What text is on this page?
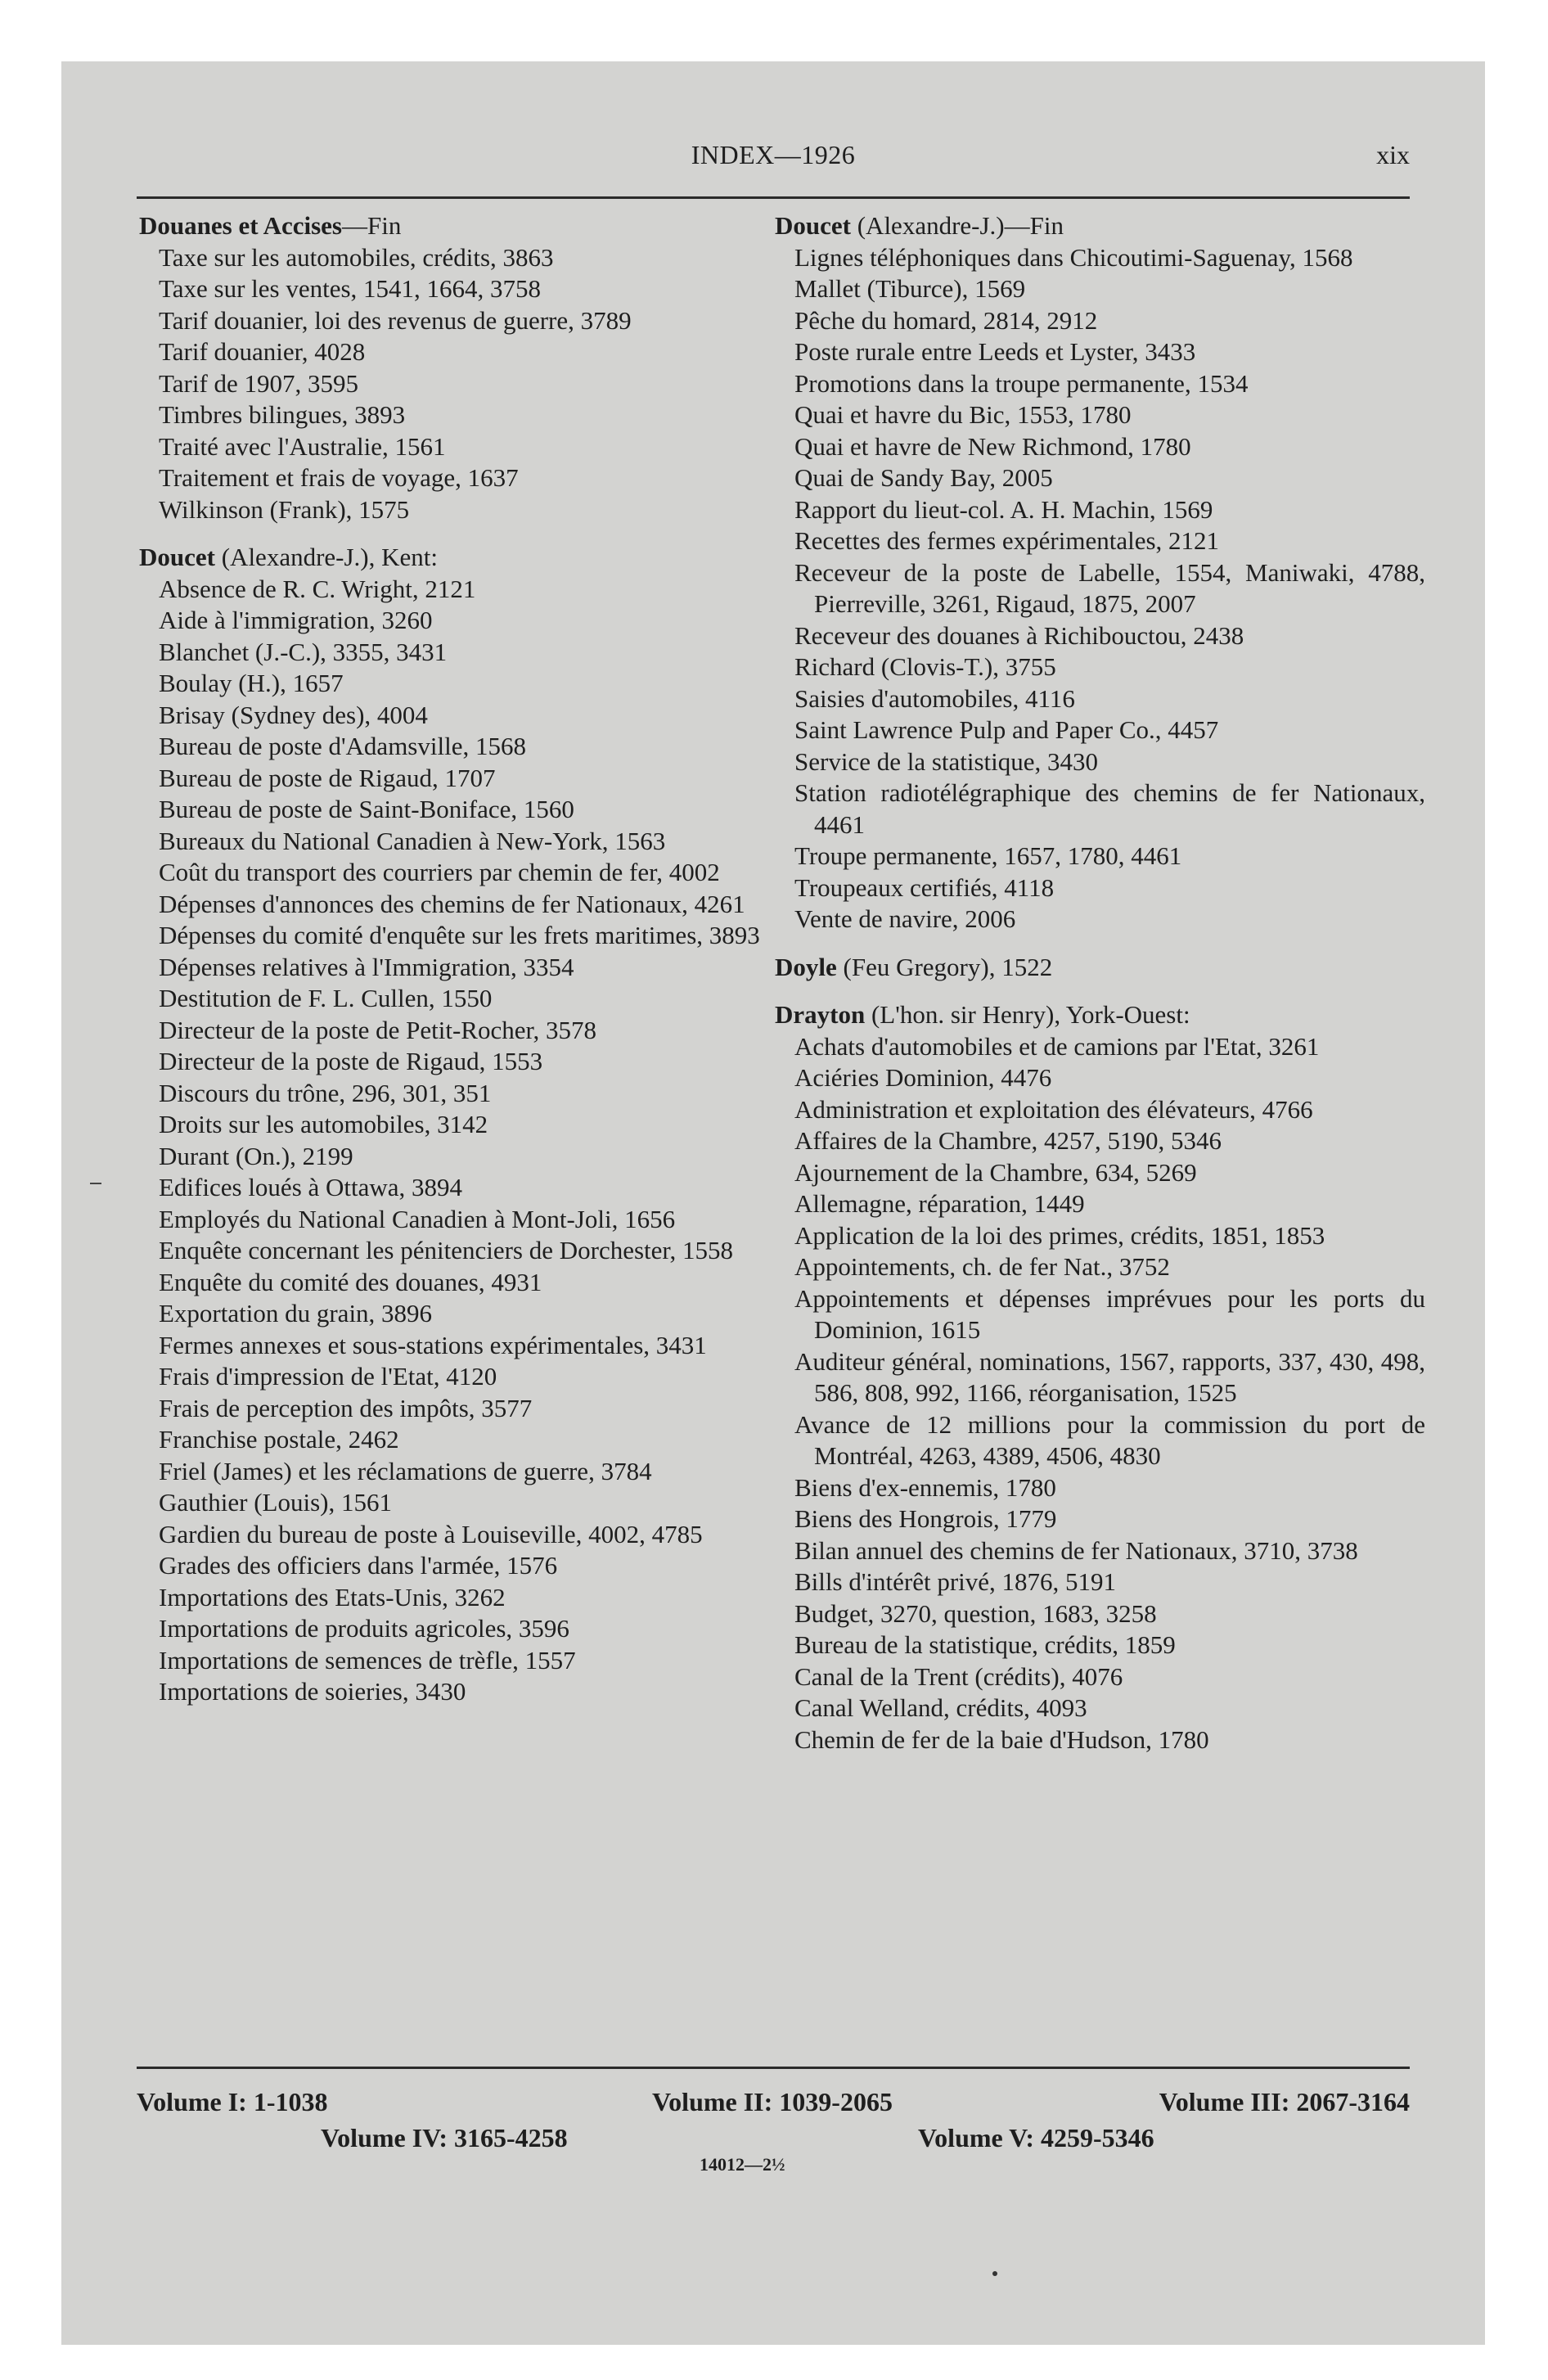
INDEX—1926	xix
Douanes et Accises—Fin
Taxe sur les automobiles, crédits, 3863
Taxe sur les ventes, 1541, 1664, 3758
Tarif douanier, loi des revenus de guerre, 3789
Tarif douanier, 4028
Tarif de 1907, 3595
Timbres bilingues, 3893
Traité avec l'Australie, 1561
Traitement et frais de voyage, 1637
Wilkinson (Frank), 1575
Doucet (Alexandre-J.), Kent:
Absence de R. C. Wright, 2121
Aide à l'immigration, 3260
Blanchet (J.-C.), 3355, 3431
Boulay (H.), 1657
Brisay (Sydney des), 4004
Bureau de poste d'Adamsville, 1568
Bureau de poste de Rigaud, 1707
Bureau de poste de Saint-Boniface, 1560
Bureaux du National Canadien à New-York, 1563
Coût du transport des courriers par chemin de fer, 4002
Dépenses d'annonces des chemins de fer Nationaux, 4261
Dépenses du comité d'enquête sur les frets maritimes, 3893
Dépenses relatives à l'Immigration, 3354
Destitution de F. L. Cullen, 1550
Directeur de la poste de Petit-Rocher, 3578
Directeur de la poste de Rigaud, 1553
Discours du trône, 296, 301, 351
Droits sur les automobiles, 3142
Durant (On.), 2199
Edifices loués à Ottawa, 3894
Employés du National Canadien à Mont-Joli, 1656
Enquête concernant les pénitenciers de Dorchester, 1558
Enquête du comité des douanes, 4931
Exportation du grain, 3896
Fermes annexes et sous-stations expérimentales, 3431
Frais d'impression de l'Etat, 4120
Frais de perception des impôts, 3577
Franchise postale, 2462
Friel (James) et les réclamations de guerre, 3784
Gauthier (Louis), 1561
Gardien du bureau de poste à Louiseville, 4002, 4785
Grades des officiers dans l'armée, 1576
Importations des Etats-Unis, 3262
Importations de produits agricoles, 3596
Importations de semences de trèfle, 1557
Importations de soieries, 3430
Doucet (Alexandre-J.)—Fin
Lignes téléphoniques dans Chicoutimi-Saguenay, 1568
Mallet (Tiburce), 1569
Pêche du homard, 2814, 2912
Poste rurale entre Leeds et Lyster, 3433
Promotions dans la troupe permanente, 1534
Quai et havre du Bic, 1553, 1780
Quai et havre de New Richmond, 1780
Quai de Sandy Bay, 2005
Rapport du lieut-col. A. H. Machin, 1569
Recettes des fermes expérimentales, 2121
Receveur de la poste de Labelle, 1554, Maniwaki, 4788, Pierreville, 3261, Rigaud, 1875, 2007
Receveur des douanes à Richibouctou, 2438
Richard (Clovis-T.), 3755
Saisies d'automobiles, 4116
Saint Lawrence Pulp and Paper Co., 4457
Service de la statistique, 3430
Station radiotélégraphique des chemins de fer Nationaux, 4461
Troupe permanente, 1657, 1780, 4461
Troupeaux certifiés, 4118
Vente de navire, 2006
Doyle (Feu Gregory), 1522
Drayton (L'hon. sir Henry), York-Ouest:
Achats d'automobiles et de camions par l'Etat, 3261
Aciéries Dominion, 4476
Administration et exploitation des élévateurs, 4766
Affaires de la Chambre, 4257, 5190, 5346
Ajournement de la Chambre, 634, 5269
Allemagne, réparation, 1449
Application de la loi des primes, crédits, 1851, 1853
Appointements, ch. de fer Nat., 3752
Appointements et dépenses imprévues pour les ports du Dominion, 1615
Auditeur général, nominations, 1567, rapports, 337, 430, 498, 586, 808, 992, 1166, réorganisation, 1525
Avance de 12 millions pour la commission du port de Montréal, 4263, 4389, 4506, 4830
Biens d'ex-ennemis, 1780
Biens des Hongrois, 1779
Bilan annuel des chemins de fer Nationaux, 3710, 3738
Bills d'intérêt privé, 1876, 5191
Budget, 3270, question, 1683, 3258
Bureau de la statistique, crédits, 1859
Canal de la Trent (crédits), 4076
Canal Welland, crédits, 4093
Chemin de fer de la baie d'Hudson, 1780
Volume I: 1-1038	Volume II: 1039-2065	Volume III: 2067-3164
Volume IV: 3165-4258	Volume V: 4259-5346
14012—2½
